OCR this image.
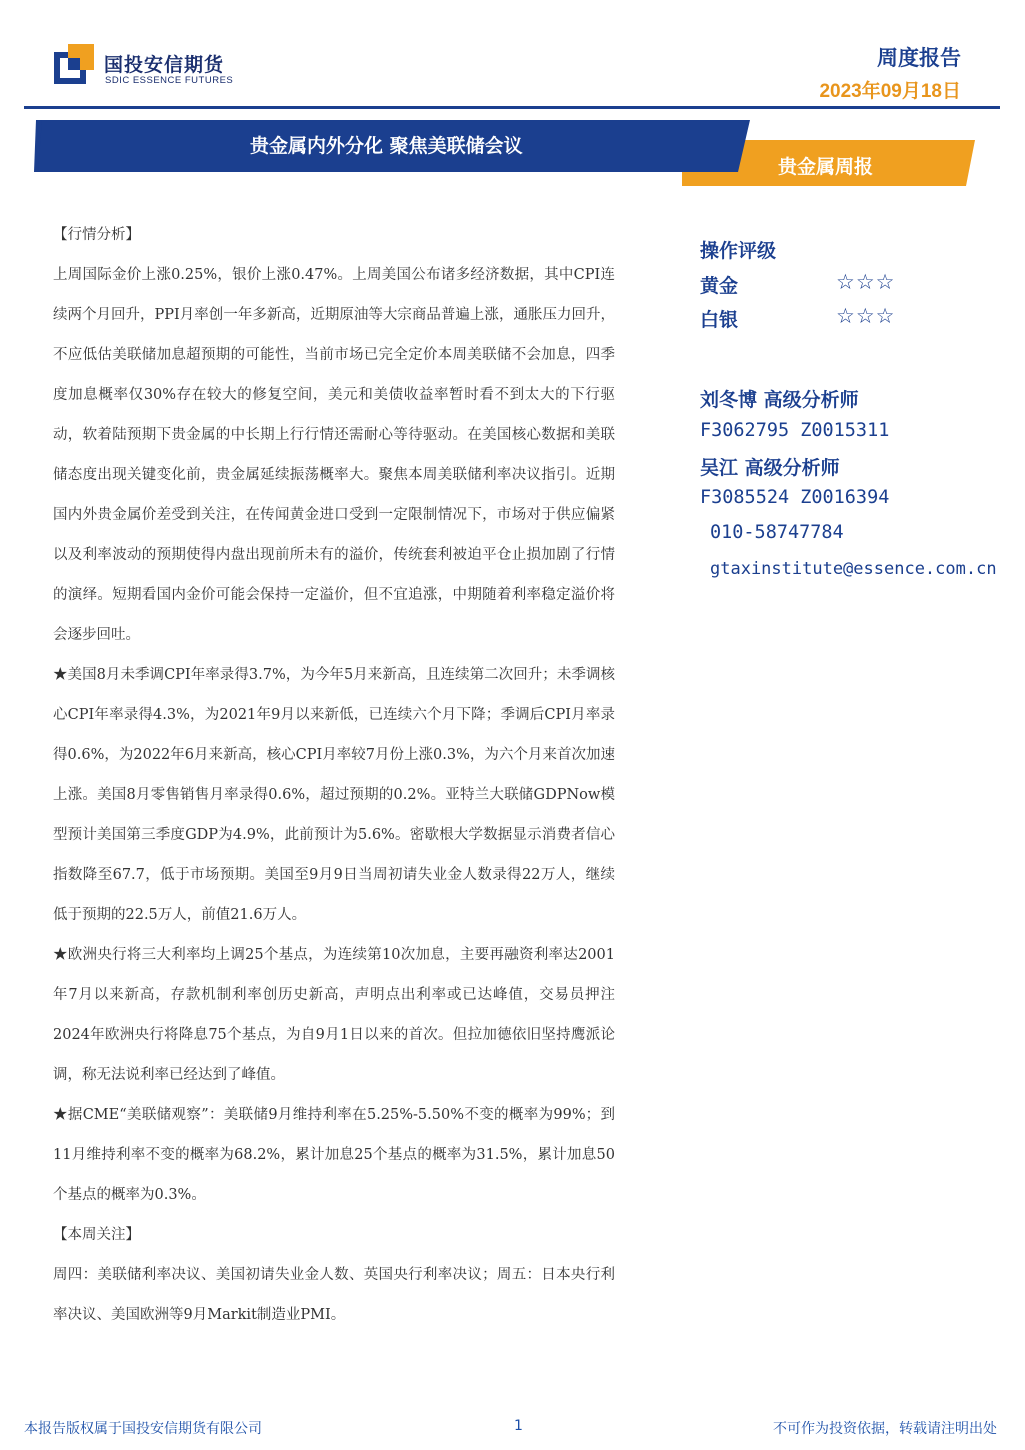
国投安信期货
SDIC ESSENCE FUTURES
周度报告
2023年09月18日
贵金属内外分化 聚焦美联储会议
贵金属周报

【行情分析】

上周国际金价上涨0.25%，银价上涨0.47%。上周美国公布诸多经济数据，其中CPI连续两个月回升，PPI月率创一年多新高，近期原油等大宗商品普遍上涨，通胀压力回升，不应低估美联储加息超预期的可能性，当前市场已完全定价本周美联储不会加息，四季度加息概率仅30%存在较大的修复空间，美元和美债收益率暂时看不到太大的下行驱动，软着陆预期下贵金属的中长期上行行情还需耐心等待驱动。在美国核心数据和美联储态度出现关键变化前，贵金属延续振荡概率大。聚焦本周美联储利率决议指引。近期国内外贵金属价差受到关注，在传闻黄金进口受到一定限制情况下，市场对于供应偏紧以及利率波动的预期使得内盘出现前所未有的溢价，传统套利被迫平仓止损加剧了行情的演绎。短期看国内金价可能会保持一定溢价，但不宜追涨，中期随着利率稳定溢价将会逐步回吐。

★美国8月未季调CPI年率录得3.7%，为今年5月来新高，且连续第二次回升；未季调核心CPI年率录得4.3%，为2021年9月以来新低，已连续六个月下降；季调后CPI月率录得0.6%，为2022年6月来新高，核心CPI月率较7月份上涨0.3%，为六个月来首次加速上涨。美国8月零售销售月率录得0.6%，超过预期的0.2%。亚特兰大联储GDPNow模型预计美国第三季度GDP为4.9%，此前预计为5.6%。密歇根大学数据显示消费者信心指数降至67.7，低于市场预期。美国至9月9日当周初请失业金人数录得22万人，继续低于预期的22.5万人，前值21.6万人。

★欧洲央行将三大利率均上调25个基点，为连续第10次加息，主要再融资利率达2001年7月以来新高，存款机制利率创历史新高，声明点出利率或已达峰值，交易员押注2024年欧洲央行将降息75个基点，为自9月1日以来的首次。但拉加德依旧坚持鹰派论调，称无法说利率已经达到了峰值。

★据CME“美联储观察”：美联储9月维持利率在5.25%-5.50%不变的概率为99%；到11月维持利率不变的概率为68.2%，累计加息25个基点的概率为31.5%，累计加息50个基点的概率为0.3%。

【本周关注】

周四：美联储利率决议、美国初请失业金人数、英国央行利率决议；周五：日本央行利率决议、美国欧洲等9月Markit制造业PMI。

操作评级
黄金	☆☆☆
白银	☆☆☆
刘冬博 高级分析师
F3062795 Z0015311
吴江 高级分析师
F3085524 Z0016394
010-58747784
gtaxinstitute@essence.com.cn
本报告版权属于国投安信期货有限公司	1	不可作为投资依据，转载请注明出处
